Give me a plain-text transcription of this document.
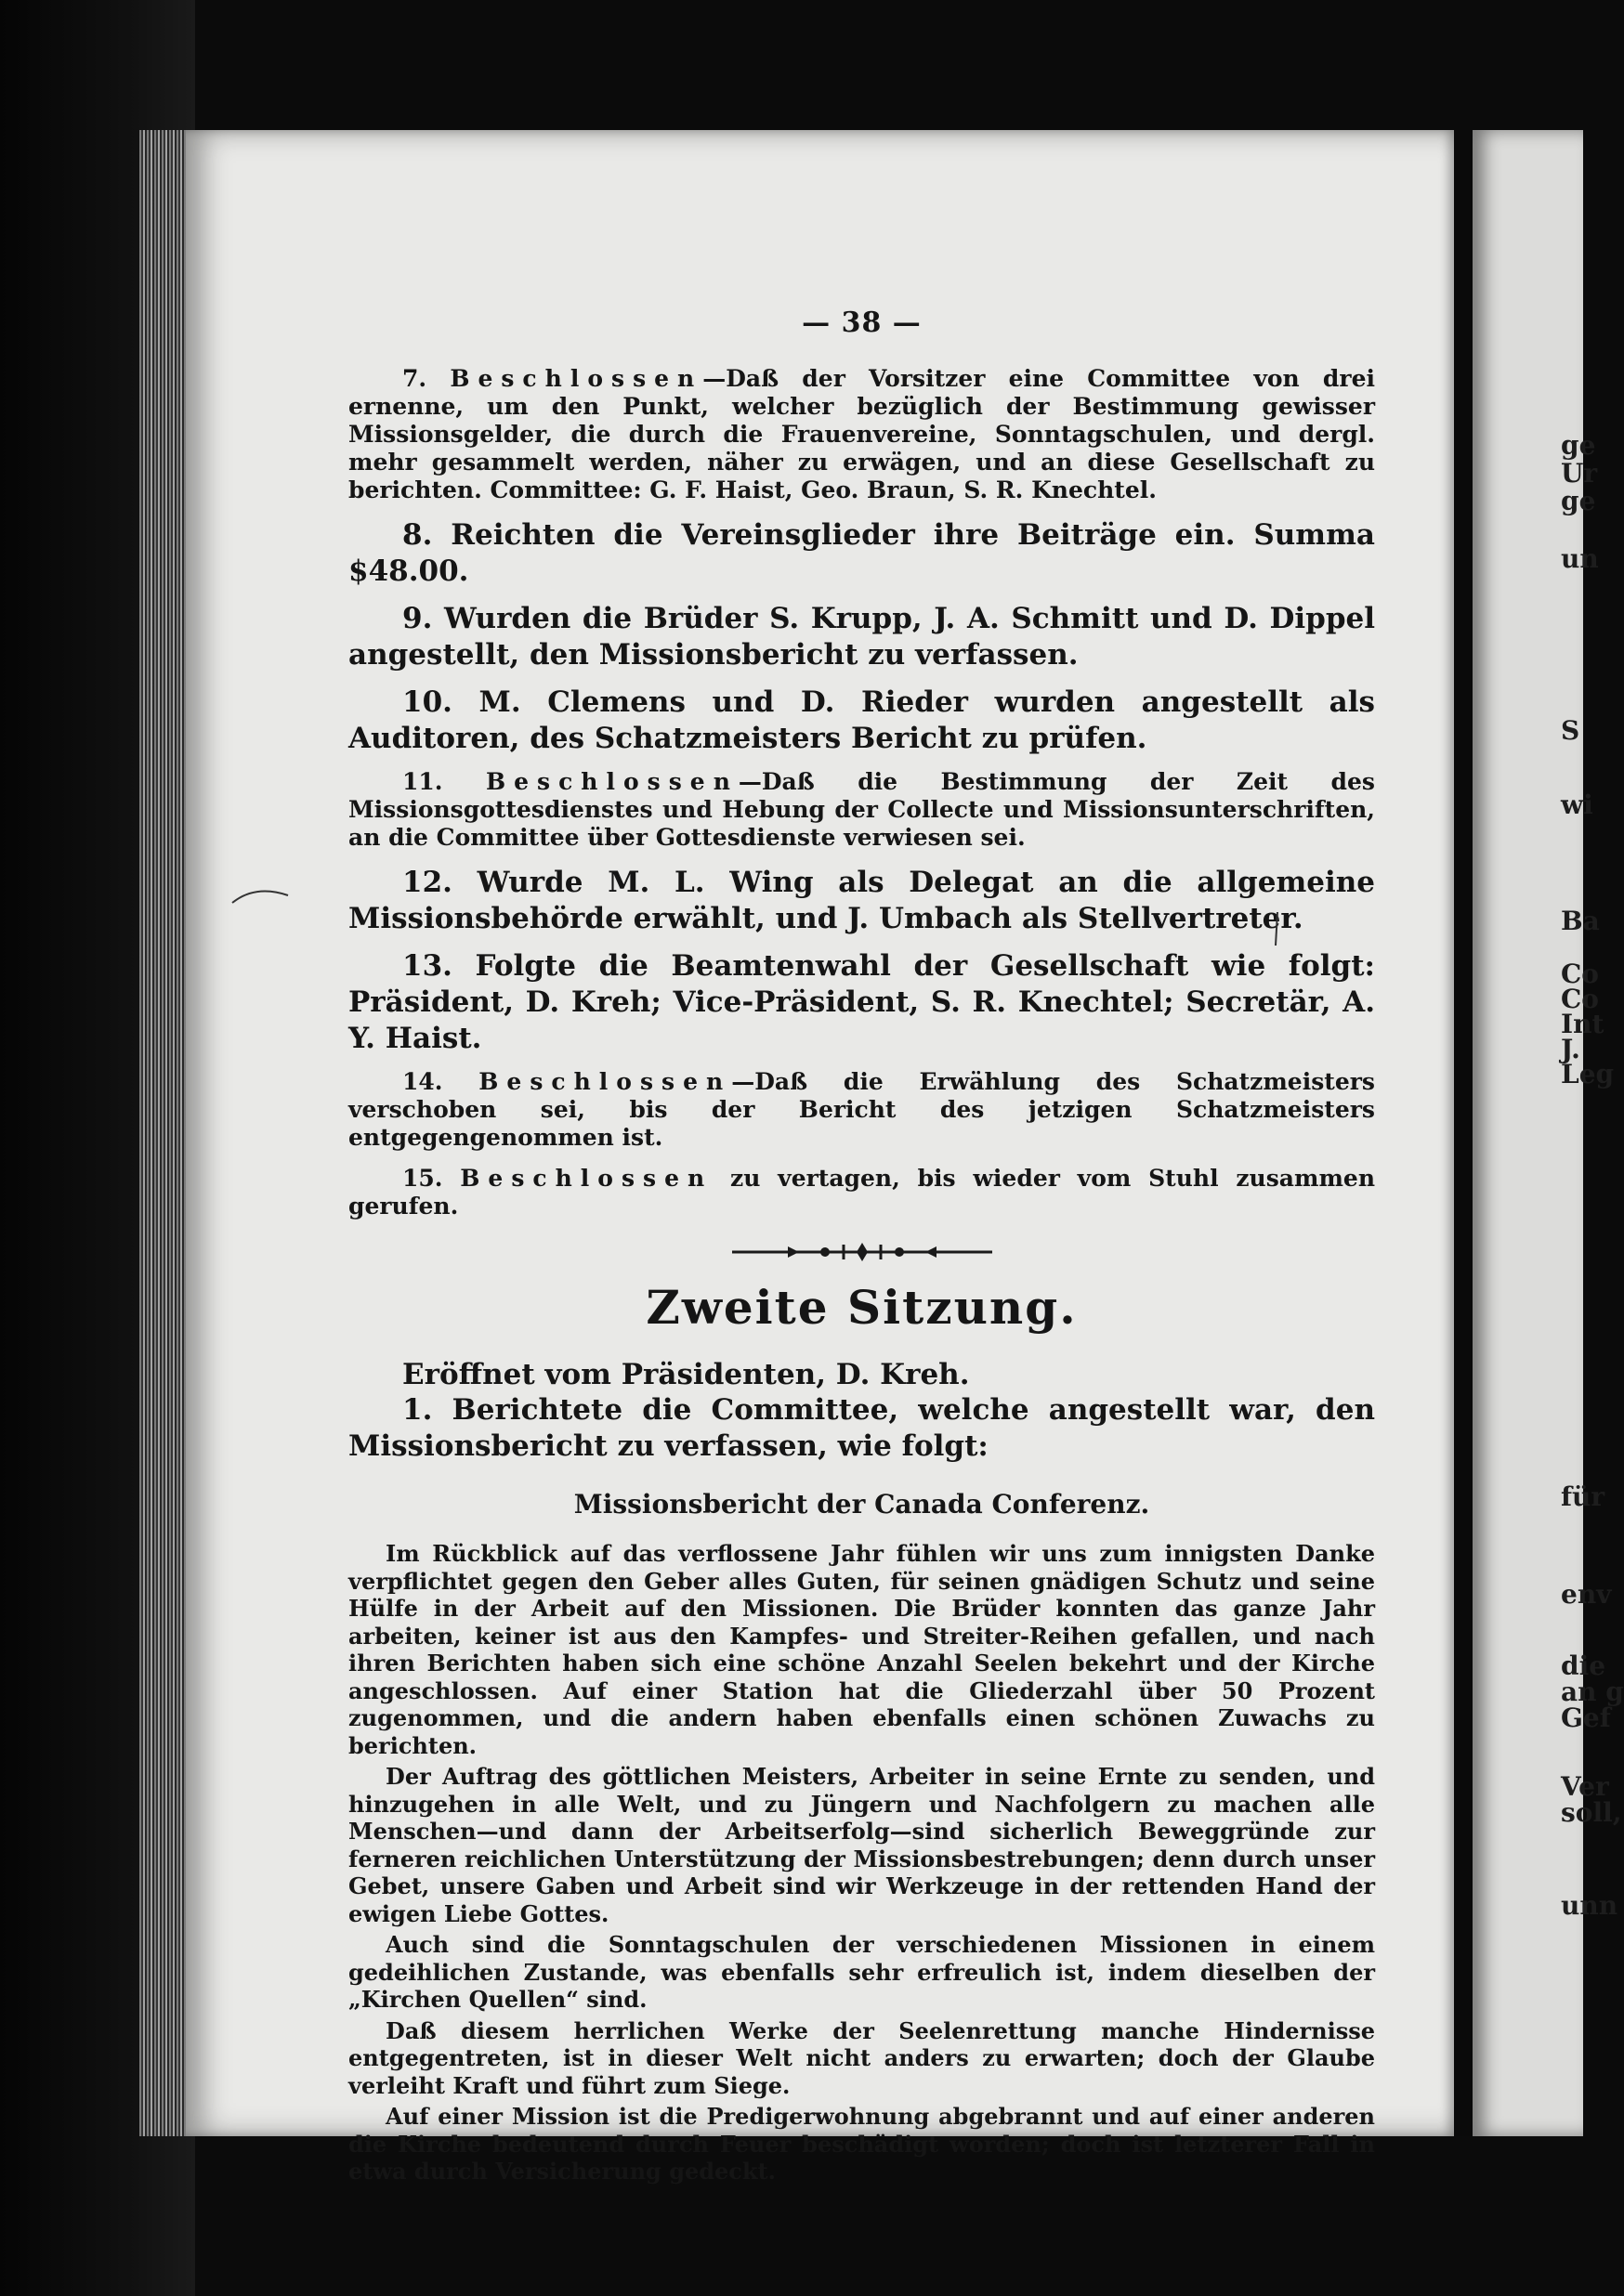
ge
Ur
ge
un
S
wi
Ba
Co
Co
Int
J.
Leg
für
env
die
an g
Gef
Ver
soll,
unn
— 38 —

7. Beschlossen—Daß der Vorsitzer eine Committee von drei ernenne, um den Punkt, welcher bezüglich der Bestimmung gewisser Missionsgelder, die durch die Frauenvereine, Sonntagschulen, und dergl. mehr gesammelt werden, näher zu erwägen, und an diese Gesellschaft zu berichten. Committee: G. F. Haist, Geo. Braun, S. R. Knechtel.

8. Reichten die Vereinsglieder ihre Beiträge ein. Summa $48.00.

9. Wurden die Brüder S. Krupp, J. A. Schmitt und D. Dippel angestellt, den Missionsbericht zu verfassen.

10. M. Clemens und D. Rieder wurden angestellt als Auditoren, des Schatzmeisters Bericht zu prüfen.

11. Beschlossen—Daß die Bestimmung der Zeit des Missionsgottesdienstes und Hebung der Collecte und Missionsunterschriften, an die Committee über Gottesdienste verwiesen sei.

12. Wurde M. L. Wing als Delegat an die allgemeine Missionsbehörde erwählt, und J. Umbach als Stellvertreter.

13. Folgte die Beamtenwahl der Gesellschaft wie folgt: Präsident, D. Kreh; Vice-Präsident, S. R. Knechtel; Secretär, A. Y. Haist.

14. Beschlossen—Daß die Erwählung des Schatzmeisters verschoben sei, bis der Bericht des jetzigen Schatzmeisters entgegengenommen ist.

15. Beschlossen zu vertagen, bis wieder vom Stuhl zusammen gerufen.

Zweite Sitzung.

Eröffnet vom Präsidenten, D. Kreh.

1. Berichtete die Committee, welche angestellt war, den Missionsbericht zu verfassen, wie folgt:

Missionsbericht der Canada Conferenz.

Im Rückblick auf das verflossene Jahr fühlen wir uns zum innigsten Danke verpflichtet gegen den Geber alles Guten, für seinen gnädigen Schutz und seine Hülfe in der Arbeit auf den Missionen. Die Brüder konnten das ganze Jahr arbeiten, keiner ist aus den Kampfes- und Streiter-Reihen gefallen, und nach ihren Berichten haben sich eine schöne Anzahl Seelen bekehrt und der Kirche angeschlossen. Auf einer Station hat die Gliederzahl über 50 Prozent zugenommen, und die andern haben ebenfalls einen schönen Zuwachs zu berichten.

Der Auftrag des göttlichen Meisters, Arbeiter in seine Ernte zu senden, und hinzugehen in alle Welt, und zu Jüngern und Nachfolgern zu machen alle Menschen—und dann der Arbeitserfolg—sind sicherlich Beweggründe zur ferneren reichlichen Unterstützung der Missionsbestrebungen; denn durch unser Gebet, unsere Gaben und Arbeit sind wir Werkzeuge in der rettenden Hand der ewigen Liebe Gottes.

Auch sind die Sonntagschulen der verschiedenen Missionen in einem gedeihlichen Zustande, was ebenfalls sehr erfreulich ist, indem dieselben der „Kirchen Quellen“ sind.

Daß diesem herrlichen Werke der Seelenrettung manche Hindernisse entgegentreten, ist in dieser Welt nicht anders zu erwarten; doch der Glaube verleiht Kraft und führt zum Siege.

Auf einer Mission ist die Predigerwohnung abgebrannt und auf einer anderen die Kirche bedeutend durch Feuer beschädigt worden; doch ist letzterer Fall in etwa durch Versicherung gedeckt.
